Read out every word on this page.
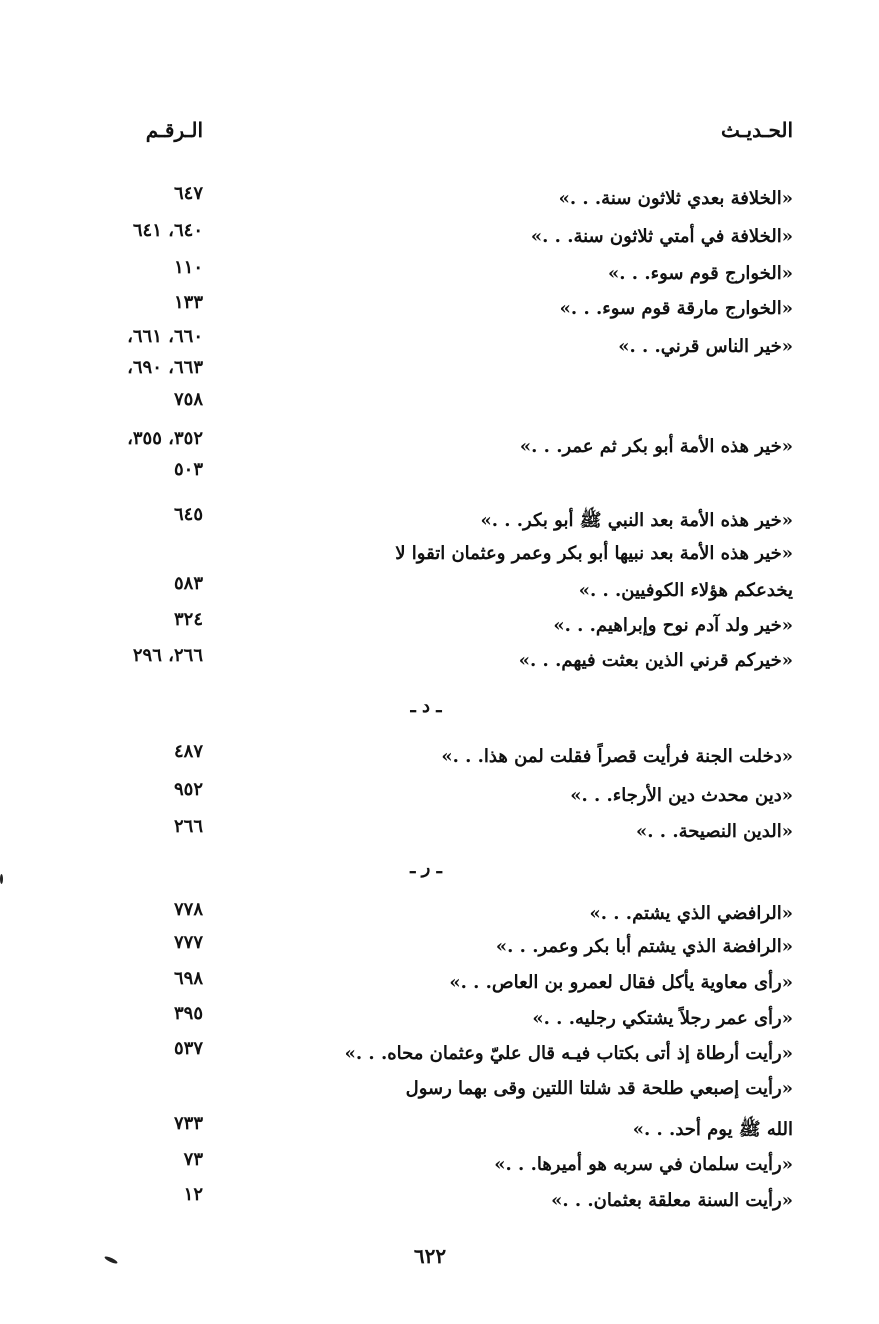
الحـديـث
الـرقـم
«الخلافة بعدي ثلاثون سنة. . .»
٦٤٧
«الخلافة في أمتي ثلاثون سنة. . .»
٦٤٠، ٦٤١
«الخوارج قوم سوء. . .»
١١٠
«الخوارج مارقة قوم سوء. . .»
١٣٣
«خير الناس قرني. . .»
٦٦٠، ٦٦١،
٦٦٣، ٦٩٠،
٧٥٨
٣٥٢، ٣٥٥،	«خير هذه الأمة أبو بكر ثم عمر. . .»
٥٠٣
«خير هذه الأمة بعد النبي ﷺ أبو بكر. . .»
٦٤٥
«خير هذه الأمة بعد نبيها أبو بكر وعمر وعثمان اتقوا لا
يخدعكم هؤلاء الكوفيين. . .»
٥٨٣
«خير ولد آدم نوح وإبراهيم. . .»
٣٢٤
«خيركم قرني الذين بعثت فيهم. . .»
٢٦٦، ٢٩٦
ـ د ـ
«دخلت الجنة فرأيت قصراً فقلت لمن هذا. . .»
٤٨٧
«دين محدث دين الأرجاء. . .»
٩٥٢
«الدين النصيحة. . .»
٢٦٦
ـ ر ـ
«الرافضي الذي يشتم. . .»
٧٧٨
«الرافضة الذي يشتم أبا بكر وعمر. . .»
٧٧٧
«رأى معاوية يأكل فقال لعمرو بن العاص. . .»
٦٩٨
«رأى عمر رجلاً يشتكي رجليه. . .»
٣٩٥
«رأيت أرطاة إذ أتى بكتاب فيـه قال عليّ وعثمان محاه. . .»
٥٣٧
«رأيت إصبعي طلحة قد شلتا اللتين وقى بهما رسول
الله ﷺ يوم أحد. . .»
٧٣٣
«رأيت سلمان في سربه هو أميرها. . .»
٧٣
«رأيت السنة معلقة بعثمان. . .»
١٢
٦٢٢
